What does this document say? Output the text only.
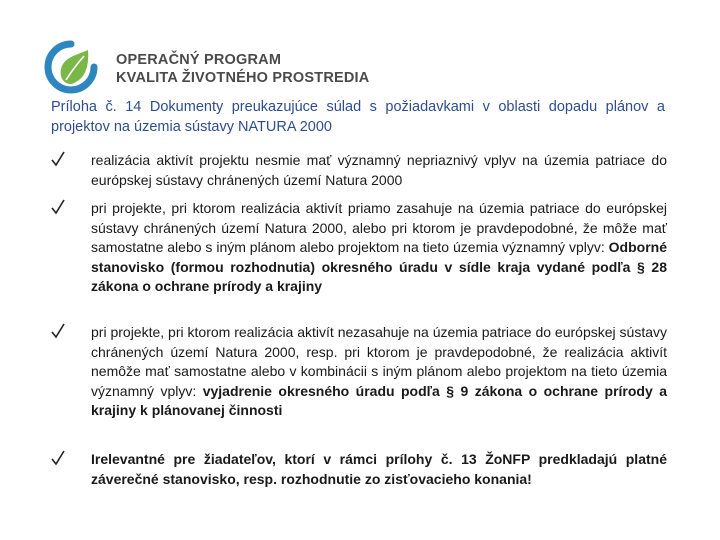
OPERAČNÝ PROGRAM
KVALITA ŽIVOTNÉHO PROSTREDIA
Príloha č. 14 Dokumenty preukazujúce súlad s požiadavkami v oblasti dopadu plánov a projektov na územia sústavy NATURA 2000
realizácia aktivít projektu nesmie mať významný nepriaznivý vplyv na územia patriace do európskej sústavy chránených území Natura 2000
pri projekte, pri ktorom realizácia aktivít priamo zasahuje na územia patriace do európskej sústavy chránených území Natura 2000, alebo pri ktorom je pravdepodobné, že môže mať samostatne alebo s iným plánom alebo projektom na tieto územia významný vplyv: Odborné stanovisko (formou rozhodnutia) okresného úradu v sídle kraja vydané podľa § 28 zákona o ochrane prírody a krajiny
pri projekte, pri ktorom realizácia aktivít nezasahuje na územia patriace do európskej sústavy chránených území Natura 2000, resp. pri ktorom je pravdepodobné, že realizácia aktivít nemôže mať samostatne alebo v kombinácii s iným plánom alebo projektom na tieto územia významný vplyv: vyjadrenie okresného úradu podľa § 9 zákona o ochrane prírody a krajiny k plánovanej činnosti
Irelevantné pre žiadateľov, ktorí v rámci prílohy č. 13 ŽoNFP predkladajú platné záverečné stanovisko, resp. rozhodnutie zo zisťovacieho konania!
